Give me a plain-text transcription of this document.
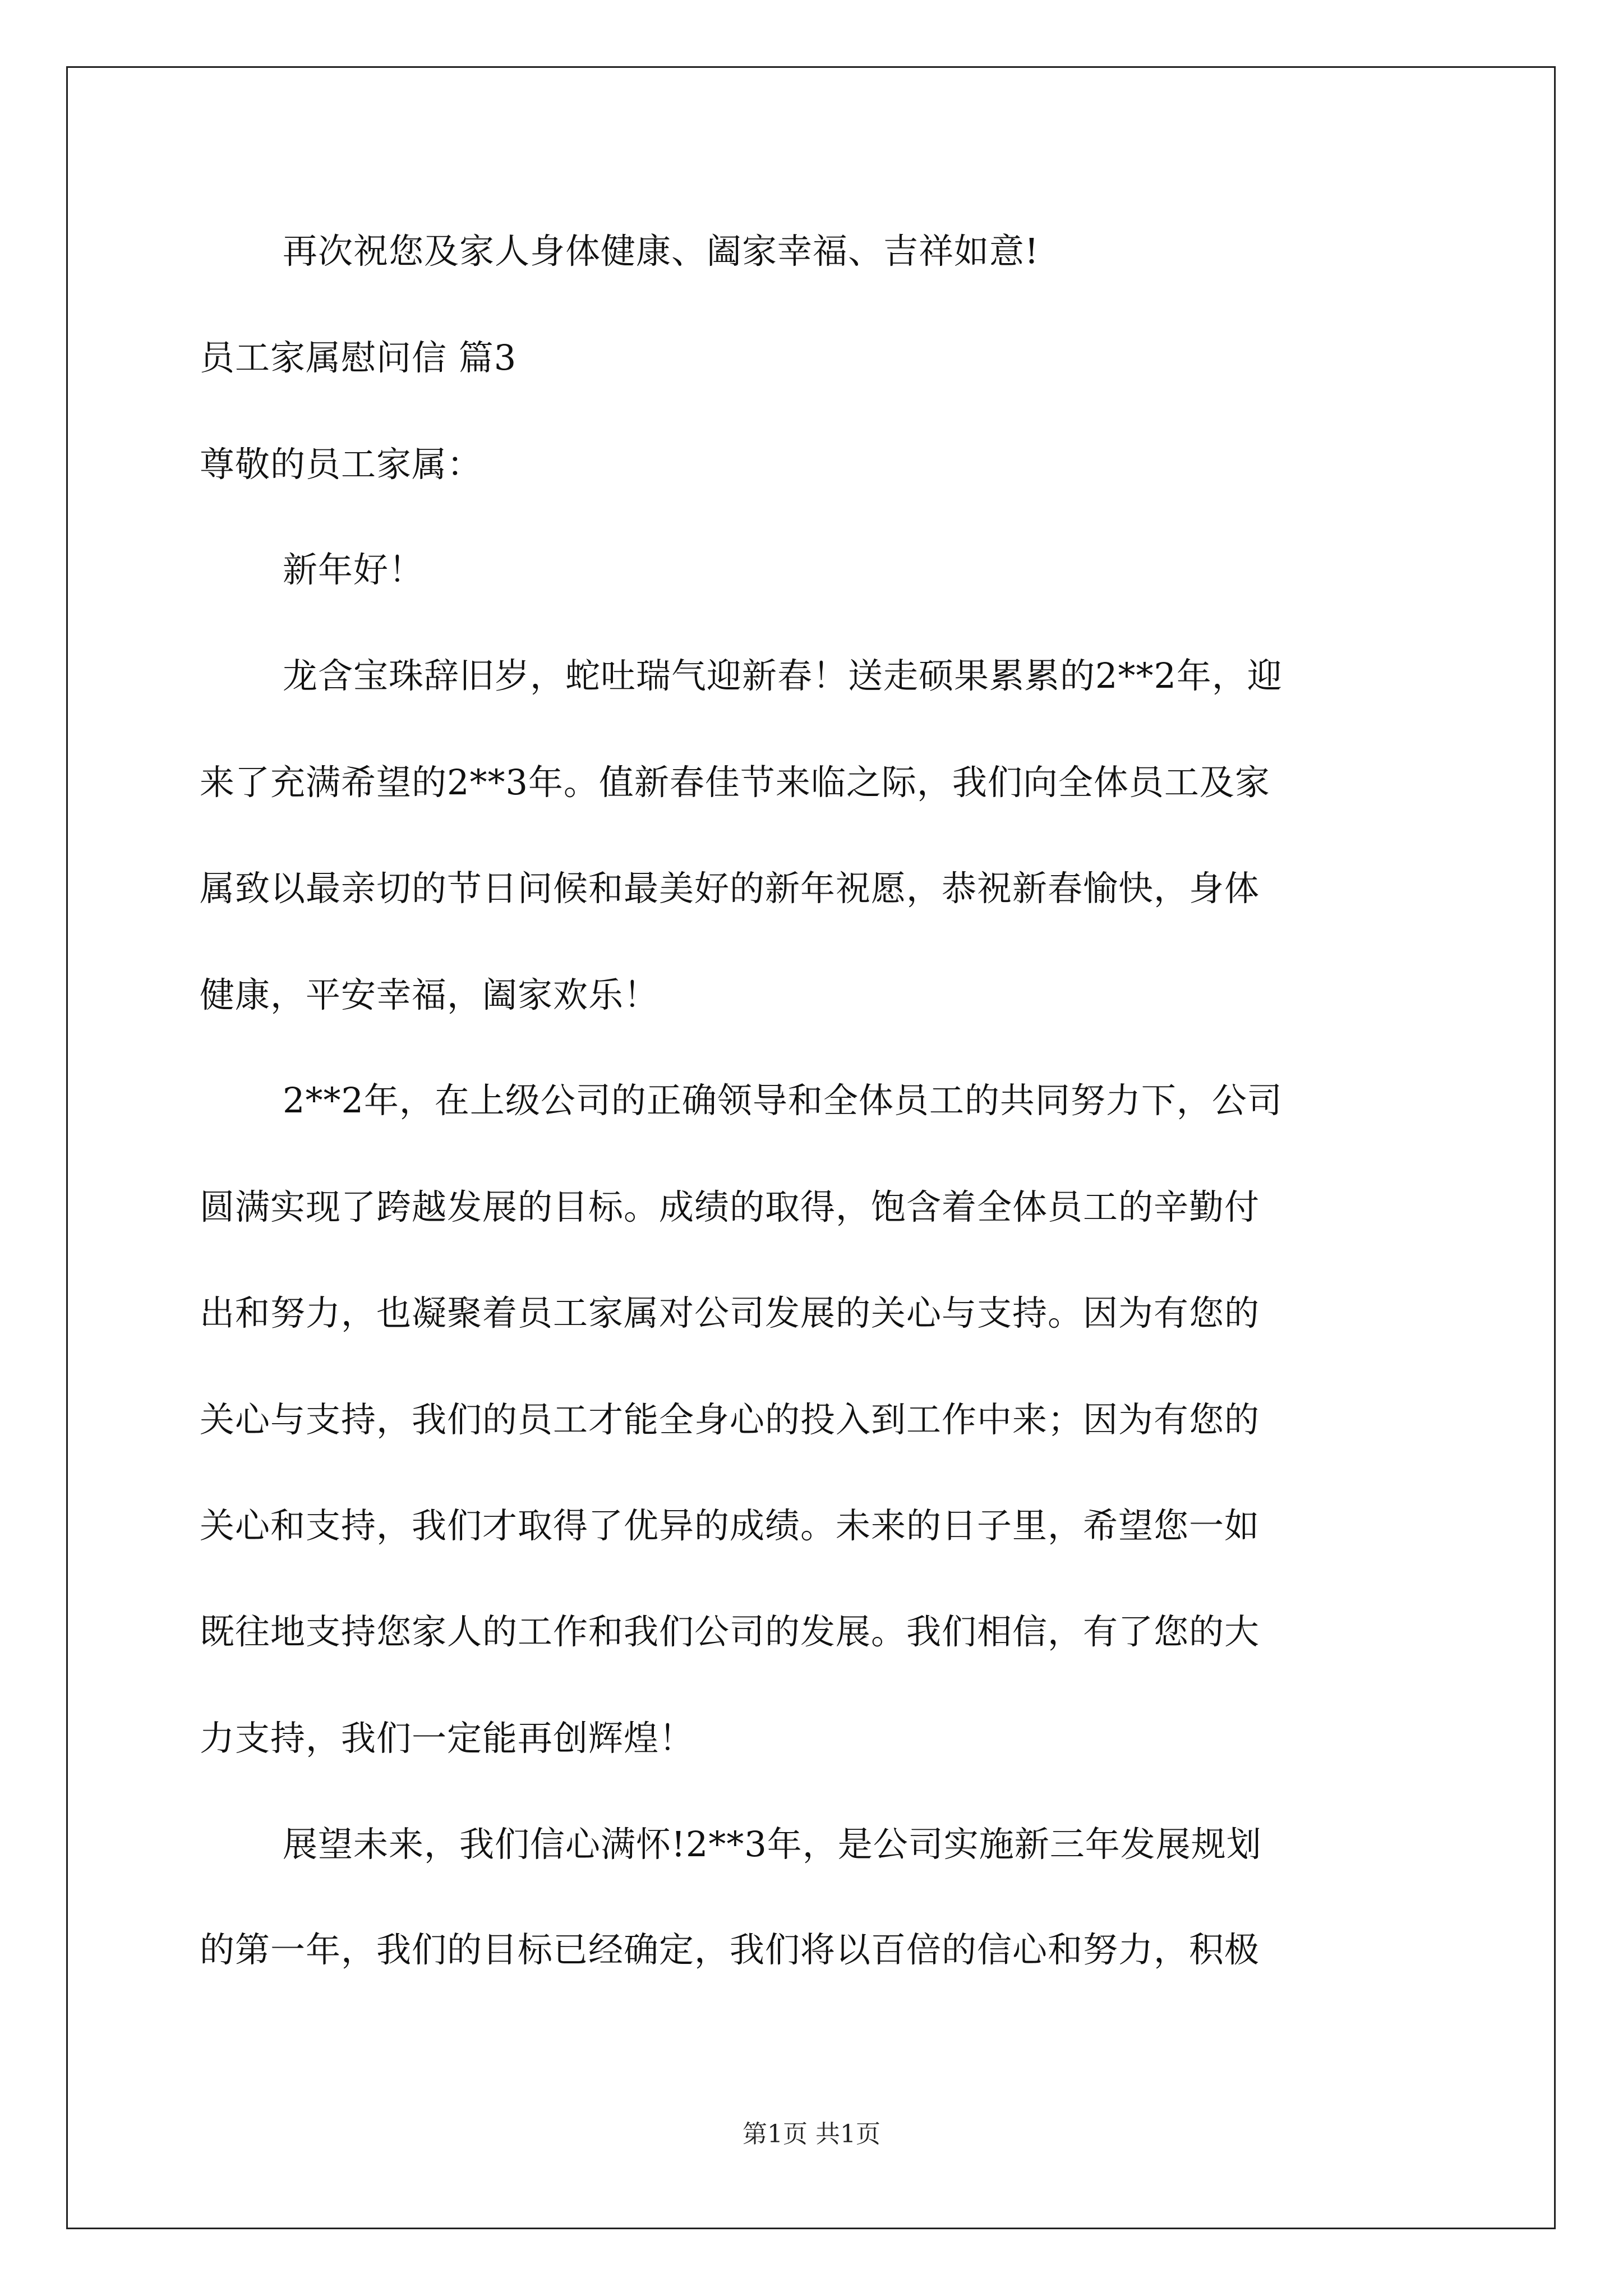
再次祝您及家人身体健康、阖家幸福、吉祥如意!
员工家属慰问信 篇3
尊敬的员工家属：
新年好！
龙含宝珠辞旧岁，蛇吐瑞气迎新春！送走硕果累累的2**2年，迎
来了充满希望的2**3年。值新春佳节来临之际，我们向全体员工及家
属致以最亲切的节日问候和最美好的新年祝愿，恭祝新春愉快，身体
健康，平安幸福，阖家欢乐！
2**2年，在上级公司的正确领导和全体员工的共同努力下，公司
圆满实现了跨越发展的目标。成绩的取得，饱含着全体员工的辛勤付
出和努力，也凝聚着员工家属对公司发展的关心与支持。因为有您的
关心与支持，我们的员工才能全身心的投入到工作中来；因为有您的
关心和支持，我们才取得了优异的成绩。未来的日子里，希望您一如
既往地支持您家人的工作和我们公司的发展。我们相信，有了您的大
力支持，我们一定能再创辉煌！
展望未来，我们信心满怀!2**3年，是公司实施新三年发展规划
的第一年，我们的目标已经确定，我们将以百倍的信心和努力，积极
第1页 共1页
